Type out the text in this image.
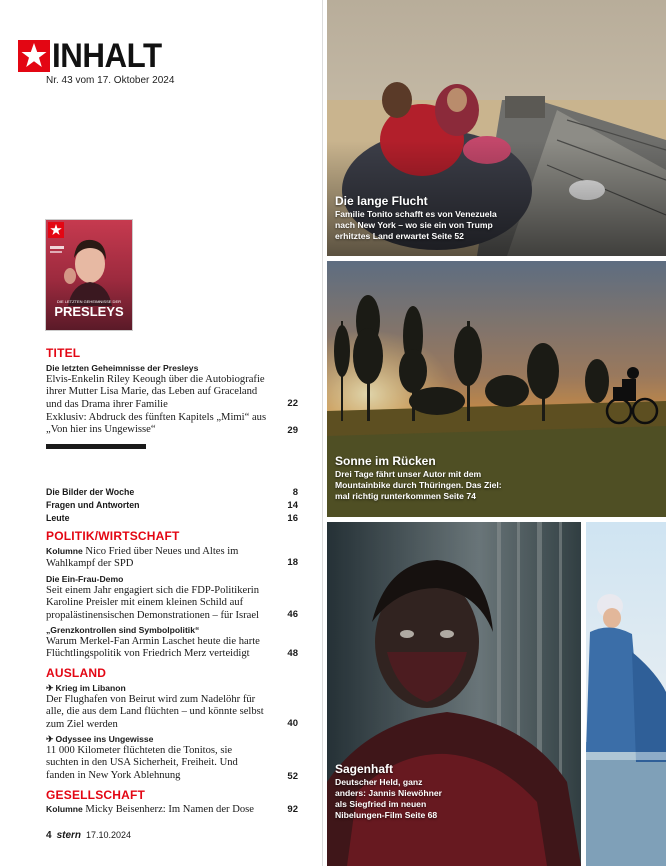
INHALT
Nr. 43 vom 17. Oktober 2024
DIE LETZTEN GEHEIMNISSE DER
PRESLEYS
TITEL
Die letzten Geheimnisse der Presleys
Elvis-Enkelin Riley Keough über die Autobiografie ihrer Mutter Lisa Marie, das Leben auf Graceland und das Drama ihrer Familie	22
Exklusiv: Abdruck des fünften Kapitels „Mimi“ aus „Von hier ins Ungewisse“	29
Die Bilder der Woche	8
Fragen und Antworten	14
Leute	16
POLITIK/WIRTSCHAFT
Kolumne Nico Fried über Neues und Altes im Wahlkampf der SPD	18
Die Ein-Frau-Demo
Seit einem Jahr engagiert sich die FDP-Politikerin Karoline Preisler mit einem kleinen Schild auf propalästinensischen Demonstrationen – für Israel	46
„Grenzkontrollen sind Symbolpolitik“
Warum Merkel-Fan Armin Laschet heute die harte Flüchtlingspolitik von Friedrich Merz verteidigt	48
AUSLAND
✈ Krieg im Libanon
Der Flughafen von Beirut wird zum Nadelöhr für alle, die aus dem Land flüchten – und könnte selbst zum Ziel werden	40
✈ Odyssee ins Ungewisse
11 000 Kilometer flüchteten die Tonitos, sie suchten in den USA Sicherheit, Freiheit. Und fanden in New York Ablehnung	52
GESELLSCHAFT
Kolumne Micky Beisenherz: Im Namen der Dose	92
4 stern 17.10.2024
Die lange Flucht
Familie Tonito schafft es von Venezuela nach New York – wo sie ein von Trump erhitztes Land erwartet Seite 52
Sonne im Rücken
Drei Tage fährt unser Autor mit dem Mountainbike durch Thüringen. Das Ziel: mal richtig runterkommen Seite 74
Sagenhaft
Deutscher Held, ganz anders: Jannis Niewöhner als Siegfried im neuen Nibelungen-Film Seite 68
